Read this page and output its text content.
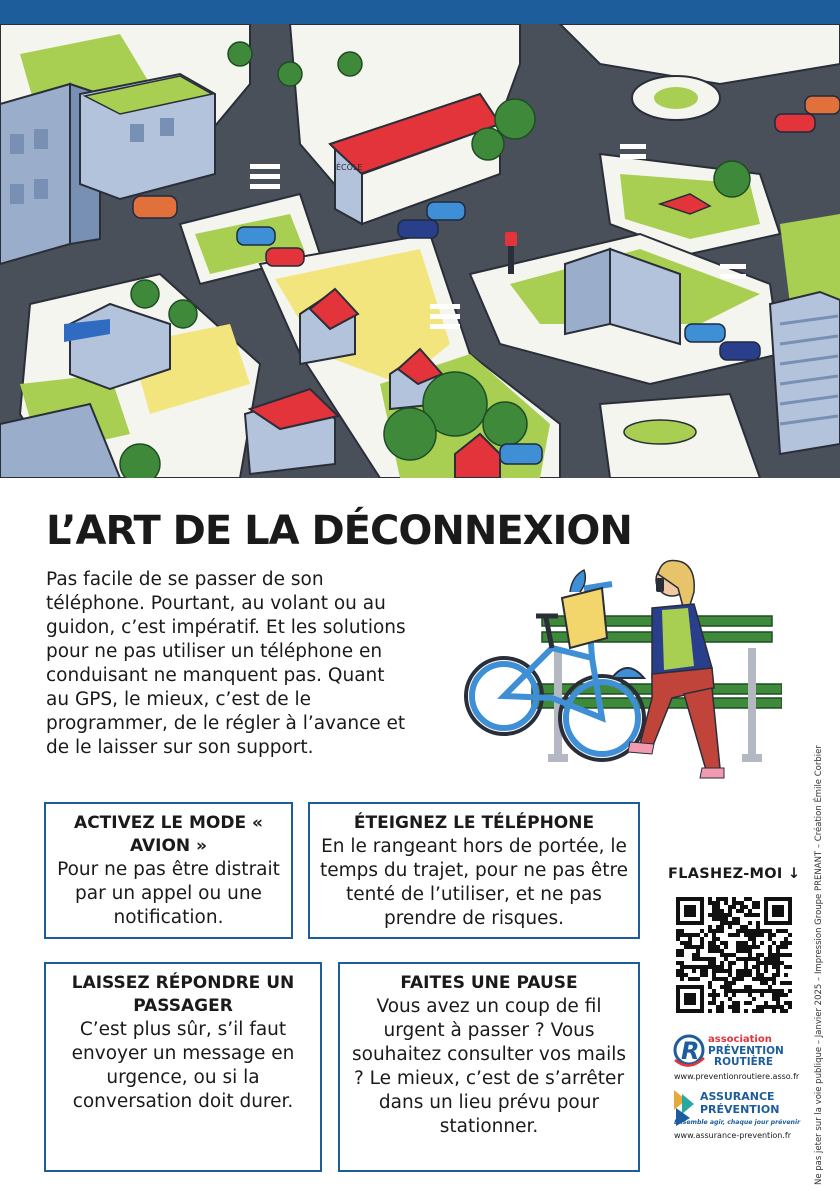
ÉCOLE
L’ART DE LA DÉCONNEXION

Pas facile de se passer de son téléphone. Pourtant, au volant ou au guidon, c’est impératif. Et les solutions pour ne pas utiliser un téléphone en conduisant ne manquent pas. Quant au GPS, le mieux, c’est de le programmer, de le régler à l’avance et de le laisser sur son support.

ACTIVEZ LE MODE « AVION »

Pour ne pas être distrait par un appel ou une notification.

ÉTEIGNEZ LE TÉLÉPHONE

En le rangeant hors de portée, le temps du trajet, pour ne pas être tenté de l’utiliser, et ne pas prendre de risques.

LAISSEZ RÉPONDRE UN PASSAGER

C’est plus sûr, s’il faut envoyer un message en urgence, ou si la conversation doit durer.

FAITES UNE PAUSE

Vous avez un coup de fil urgent à passer ? Vous souhaitez consulter vos mails ? Le mieux, c’est de s’arrêter dans un lieu prévu pour stationner.

FLASHEZ-MOI ↓
R association
PRÉVENTION
ROUTIÈRE
www.preventionroutiere.asso.fr
ASSURANCE
PRÉVENTION
Ensemble agir, chaque jour prévenir
www.assurance-prevention.fr	Ne pas jeter sur la voie publique – Janvier 2025 – Impression Groupe PRENANT – Création Émile Corbier
